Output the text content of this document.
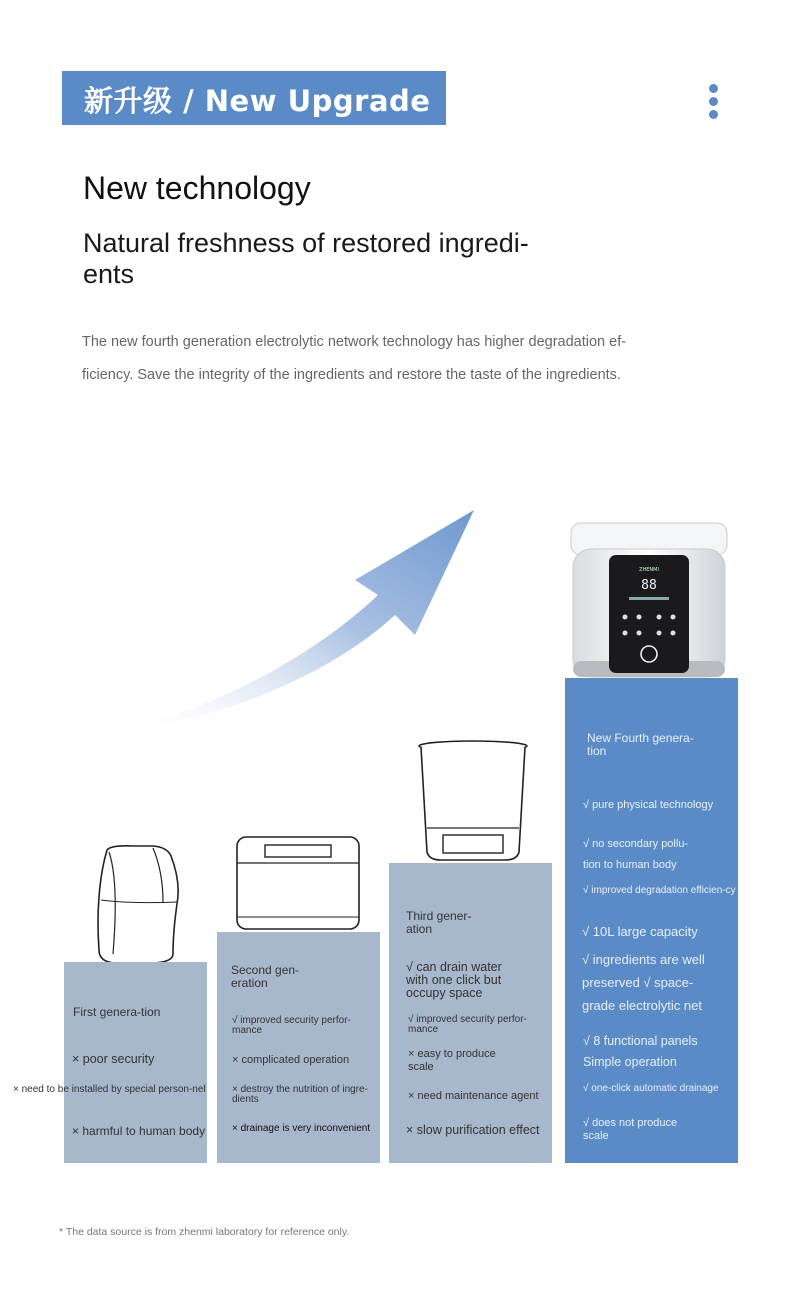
新升级 / New Upgrade
New technology
Natural freshness of restored ingredi-ents
The new fourth generation electrolytic network technology has higher degradation ef-ficiency. Save the integrity of the ingredients and restore the taste of the ingredients.
ZHENMI
88
First genera-tion
× poor security
× need to be installed by special person-nel
× harmful to human body
Second gen-eration
√ improved security perfor-mance
× complicated operation
× destroy the nutrition of ingre-dients
× drainage is very inconvenient
Third gener-ation
√ can drain water with one click but occupy space
√ improved security perfor-mance
× easy to produce scale
× need maintenance agent
× slow purification effect
New Fourth genera-tion
√ pure physical technology
√ no secondary pollu-tion to human body
√ improved degradation efficien-cy
√ 10L large capacity
√ ingredients are well preserved √ space-grade electrolytic net
√ 8 functional panels Simple operation
√ one-click automatic drainage
√ does not produce scale
* The data source is from zhenmi laboratory for reference only.
